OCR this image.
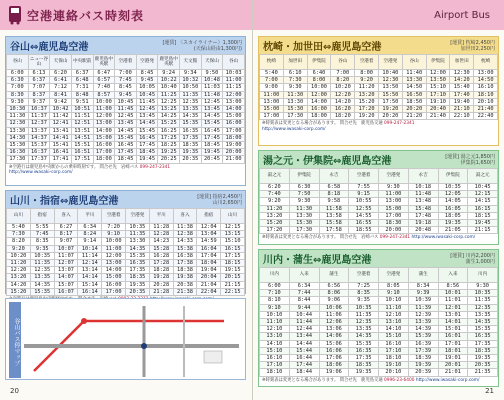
空港連絡バス時刻表
谷山⇔鹿児島空港	[運賃] 〈スカイライナー〉1,300円
(天保山経由1,300円)
谷山	ニュー谷山	天保山	中央駅前	鹿児島中央駅	空港着	空港発	鹿児島中央駅	天文館	天保山	谷山
6:00	6:13	6:20	6:37	6:47	7:00	8:45	9:24	9:34	9:50	10:03
6:30	6:37	6:41	6:48	6:57	7:45	9:45	10:22	10:32	10:48	11:00
7:00	7:07	7:12	7:31	7:40	8:45	10:05	10:40	10:50	11:03	11:15
8:30	8:37	8:41	8:48	8:57	9:45	10:45	11:25	11:35	11:48	12:00
9:30	9:37	9:42	9:51	10:00	10:45	11:45	12:25	12:35	12:45	13:00
10:30	10:37	10:42	10:51	11:00	11:45	12:45	13:25	13:35	13:45	14:00
11:30	11:37	11:42	11:51	12:00	12:45	13:45	14:25	14:35	14:45	15:00
12:30	12:37	12:41	12:51	13:00	13:45	14:45	15:25	15:35	15:45	16:00
13:30	13:37	13:41	13:51	14:00	14:45	15:45	16:25	16:35	16:45	17:00
14:30	14:37	14:41	14:51	15:00	15:45	16:45	17:25	17:35	17:45	18:00
15:30	15:37	15:41	15:51	16:00	16:45	17:45	18:25	18:35	18:45	19:00
16:30	16:37	16:41	16:51	17:00	17:45	18:45	19:25	19:35	19:45	20:00
17:30	17:37	17:41	17:51	18:00	18:45	19:45	20:25	20:35	20:45	21:00
※空港行は鹿児島中央駅からの乗車時刻です。 問合せ先　岩崎バス 099-247-2341
http://www.iwasaki-corp.com/
山川・指宿⇔鹿児島空港	[運賃] 指宿2,450円
山川2,650円
山川	指宿	喜入	平川	空港着	空港発	平川	喜入	指宿	山川
5:40	5:55	6:27	6:34	7:20	10:35	11:28	11:38	12:04	12:15
7:30	7:45	8:17	8:24	9:10	11:35	12:28	12:38	13:04	13:15
8:20	8:35	9:07	9:14	10:00	13:30	14:23	14:33	14:59	15:10
9:20	9:35	10:07	10:14	11:00	14:35	15:28	15:38	16:04	16:15
10:20	10:35	11:07	11:14	12:00	15:35	16:28	16:38	17:04	17:15
11:20	11:35	12:07	12:14	13:00	16:35	17:28	17:38	18:04	18:15
12:20	12:35	13:07	13:14	14:00	17:35	18:28	18:38	19:04	19:15
13:20	13:35	14:07	14:14	15:00	18:35	19:28	19:38	20:04	20:15
14:20	14:35	15:07	15:14	16:00	19:35	20:28	20:38	21:04	21:15
15:20	15:35	16:07	16:14	17:00	20:35	21:28	21:38	22:04	22:15
谷山バス停マップ
20
Airport Bus
枕崎・加世田⇔鹿児島空港	[運賃] 枕崎2,450円
加世田2,250円
枕崎	加世田	伊集院	谷山	空港着	空港発	谷山	伊集院	加世田	枕崎
5:40	6:10	6:40	7:00	8:00	10:40	11:40	12:00	12:30	13:00
7:00	7:30	8:00	8:20	9:20	12:30	13:30	13:50	14:20	14:50
9:00	9:30	10:00	10:20	11:20	13:50	14:50	15:10	15:40	16:10
11:00	11:30	12:00	12:20	13:20	15:50	16:50	17:10	17:40	18:10
13:00	13:30	14:00	14:20	15:20	17:50	18:50	19:10	19:40	20:10
15:00	15:30	16:00	16:20	17:20	19:20	20:20	20:40	21:10	21:40
17:00	17:30	18:00	18:20	19:20	20:20	21:20	21:40	22:10	22:40
※時刻表は変更となる場合があります。 問合せ先　鹿児島交通 099-247-2341
http://www.iwasaki-corp.com/
湯之元・伊集院⇔鹿児島空港	[運賃] 湯之元1,850円
伊集院1,650円
湯之元	伊集院	永吉	空港着	空港発	永吉	伊集院	湯之元
6:20	6:30	6:58	7:55	9:30	10:18	10:35	10:45
7:40	7:50	8:18	9:15	11:00	11:48	12:05	12:15
9:20	9:30	9:58	10:55	13:00	13:48	14:05	14:15
11:20	11:30	11:58	12:55	15:00	15:48	16:05	16:15
13:20	13:30	13:58	14:55	17:00	17:48	18:05	18:15
15:20	15:30	15:58	16:55	18:30	19:18	19:35	19:45
17:20	17:30	17:58	18:55	20:00	20:48	21:05	21:15
※時刻表は変更となる場合があります。 問合せ先　岩崎バス 099-247-2341 http://www.iwasaki-corp.com/
川内・蒲生⇔鹿児島空港	[運賃] 川内2,200円
蒲生1,000円
川内	入来	蒲生	空港着	空港発	蒲生	入来	川内
6:00	6:34	6:56	7:25	8:05	8:34	8:56	9:30
7:10	7:44	8:06	8:35	9:10	9:39	10:01	10:35
8:10	8:44	9:06	9:35	10:10	10:39	11:01	11:35
9:10	9:44	10:06	10:35	11:10	11:39	12:01	12:35
10:10	10:44	11:06	11:35	12:10	12:39	13:01	13:35
11:10	11:44	12:06	12:35	13:10	13:39	14:01	14:35
12:10	12:44	13:06	13:35	14:10	14:39	15:01	15:35
13:10	13:44	14:06	14:35	15:10	15:39	16:01	16:35
14:10	14:44	15:06	15:35	16:10	16:39	17:01	17:35
15:10	15:44	16:06	16:35	17:10	17:39	18:01	18:35
16:10	16:44	17:06	17:35	18:10	18:39	19:01	19:35
17:10	17:44	18:06	18:35	19:10	19:39	20:01	20:35
18:10	18:44	19:06	19:35	20:10	20:39	21:01	21:35
※時刻表は変更となる場合があります。 問合せ先　鹿児島交通 0996-23-6400 http://www.iwasaki-corp.com/
21
